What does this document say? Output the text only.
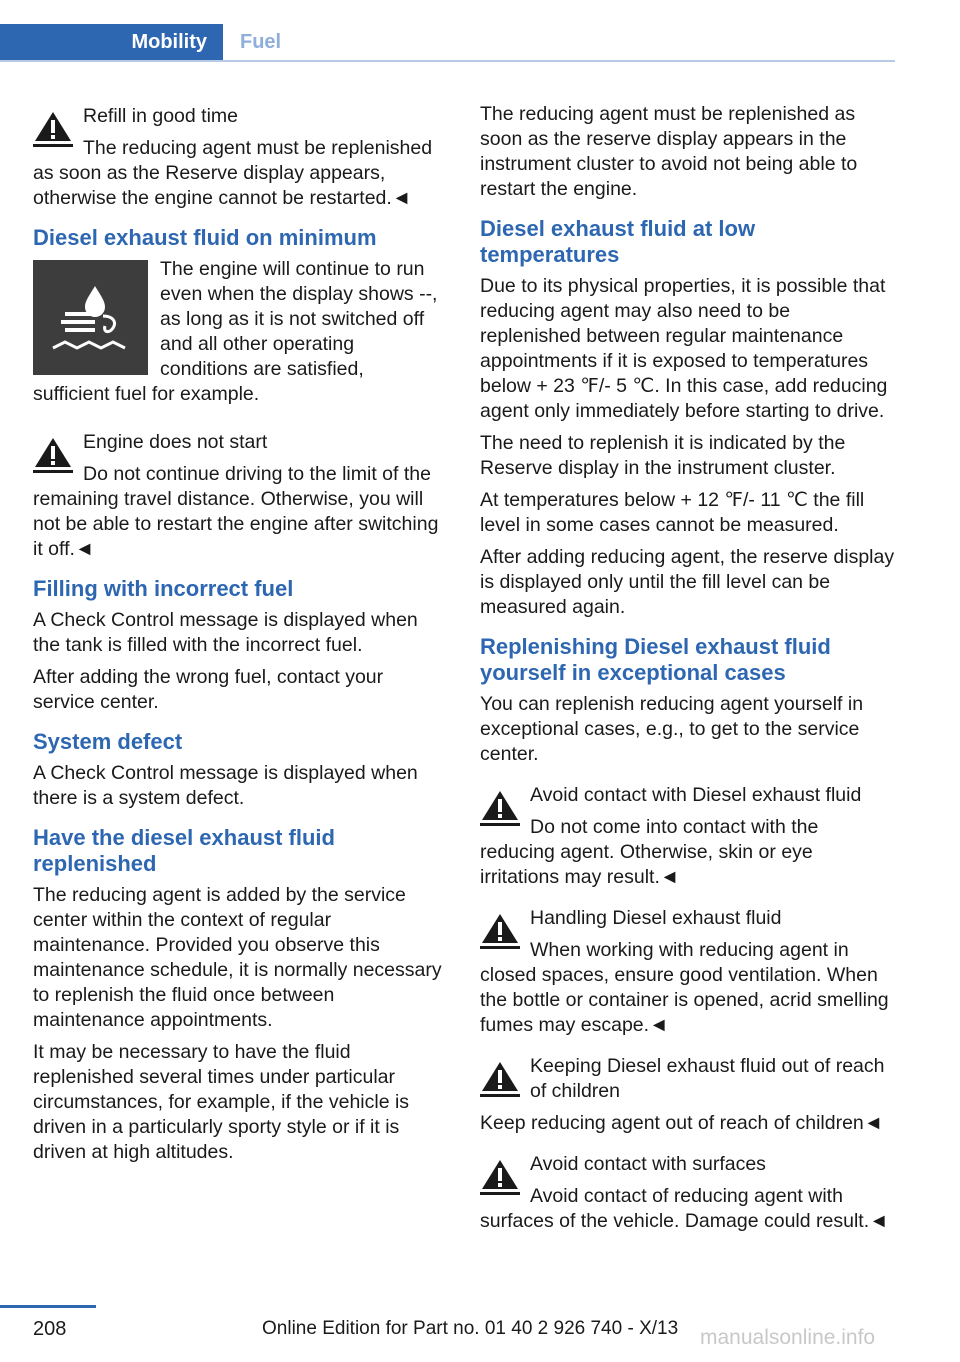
Mobility Fuel
Refill in good time

The reducing agent must be replenished as soon as the Reserve display appears, otherwise the engine cannot be restarted.◄

Diesel exhaust fluid on minimum

The engine will continue to run even when the display shows --, as long as it is not switched off and all other operating conditions are satisfied, sufficient fuel for example.

Engine does not start

Do not continue driving to the limit of the remaining travel distance. Otherwise, you will not be able to restart the engine after switching it off.◄

Filling with incorrect fuel

A Check Control message is displayed when the tank is filled with the incorrect fuel.

After adding the wrong fuel, contact your service center.

System defect

A Check Control message is displayed when there is a system defect.

Have the diesel exhaust fluid replenished

The reducing agent is added by the service center within the context of regular maintenance. Provided you observe this maintenance schedule, it is normally necessary to replenish the fluid once between maintenance appointments.

It may be necessary to have the fluid replenished several times under particular circumstances, for example, if the vehicle is driven in a particularly sporty style or if it is driven at high altitudes.

The reducing agent must be replenished as soon as the reserve display appears in the instrument cluster to avoid not being able to restart the engine.

Diesel exhaust fluid at low temperatures

Due to its physical properties, it is possible that reducing agent may also need to be replenished between regular maintenance appointments if it is exposed to temperatures below + 23 ℉/- 5 ℃. In this case, add reducing agent only immediately before starting to drive.

The need to replenish it is indicated by the Reserve display in the instrument cluster.

At temperatures below + 12 ℉/- 11 ℃ the fill level in some cases cannot be measured.

After adding reducing agent, the reserve display is displayed only until the fill level can be measured again.

Replenishing Diesel exhaust fluid yourself in exceptional cases

You can replenish reducing agent yourself in exceptional cases, e.g., to get to the service center.

Avoid contact with Diesel exhaust fluid

Do not come into contact with the reducing agent. Otherwise, skin or eye irritations may result.◄

Handling Diesel exhaust fluid

When working with reducing agent in closed spaces, ensure good ventilation. When the bottle or container is opened, acrid smelling fumes may escape.◄

Keeping Diesel exhaust fluid out of reach of children

Keep reducing agent out of reach of children◄

Avoid contact with surfaces

Avoid contact of reducing agent with surfaces of the vehicle. Damage could result.◄

208	Online Edition for Part no. 01 40 2 926 740 - X/13 manualsonline.info
